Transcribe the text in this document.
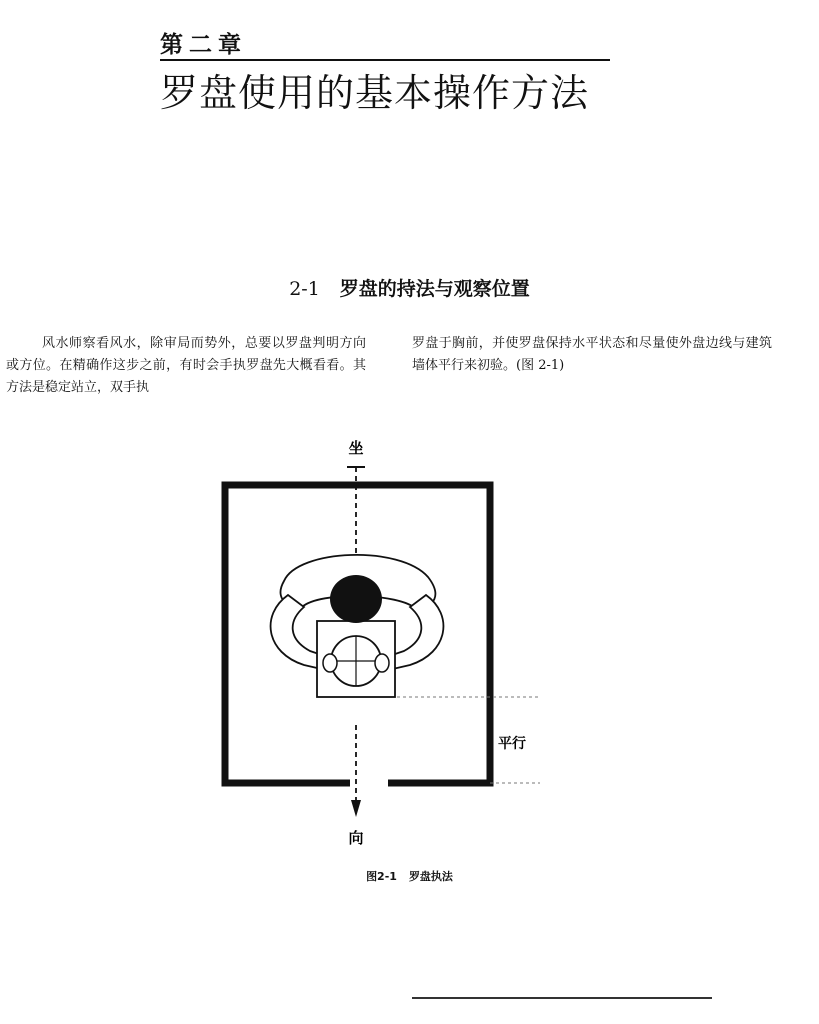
第二章
罗盘使用的基本操作方法
2-1 罗盘的持法与观察位置

风水师察看风水，除审局而势外，总要以罗盘判明方向或方位。在精确作这步之前，有时会手执罗盘先大概看看。其方法是稳定站立，双手执

罗盘于胸前，并使罗盘保持水平状态和尽量使外盘边线与建筑墙体平行来初验。(图 2-1)

坐
向
平行
图2-1 罗盘执法
